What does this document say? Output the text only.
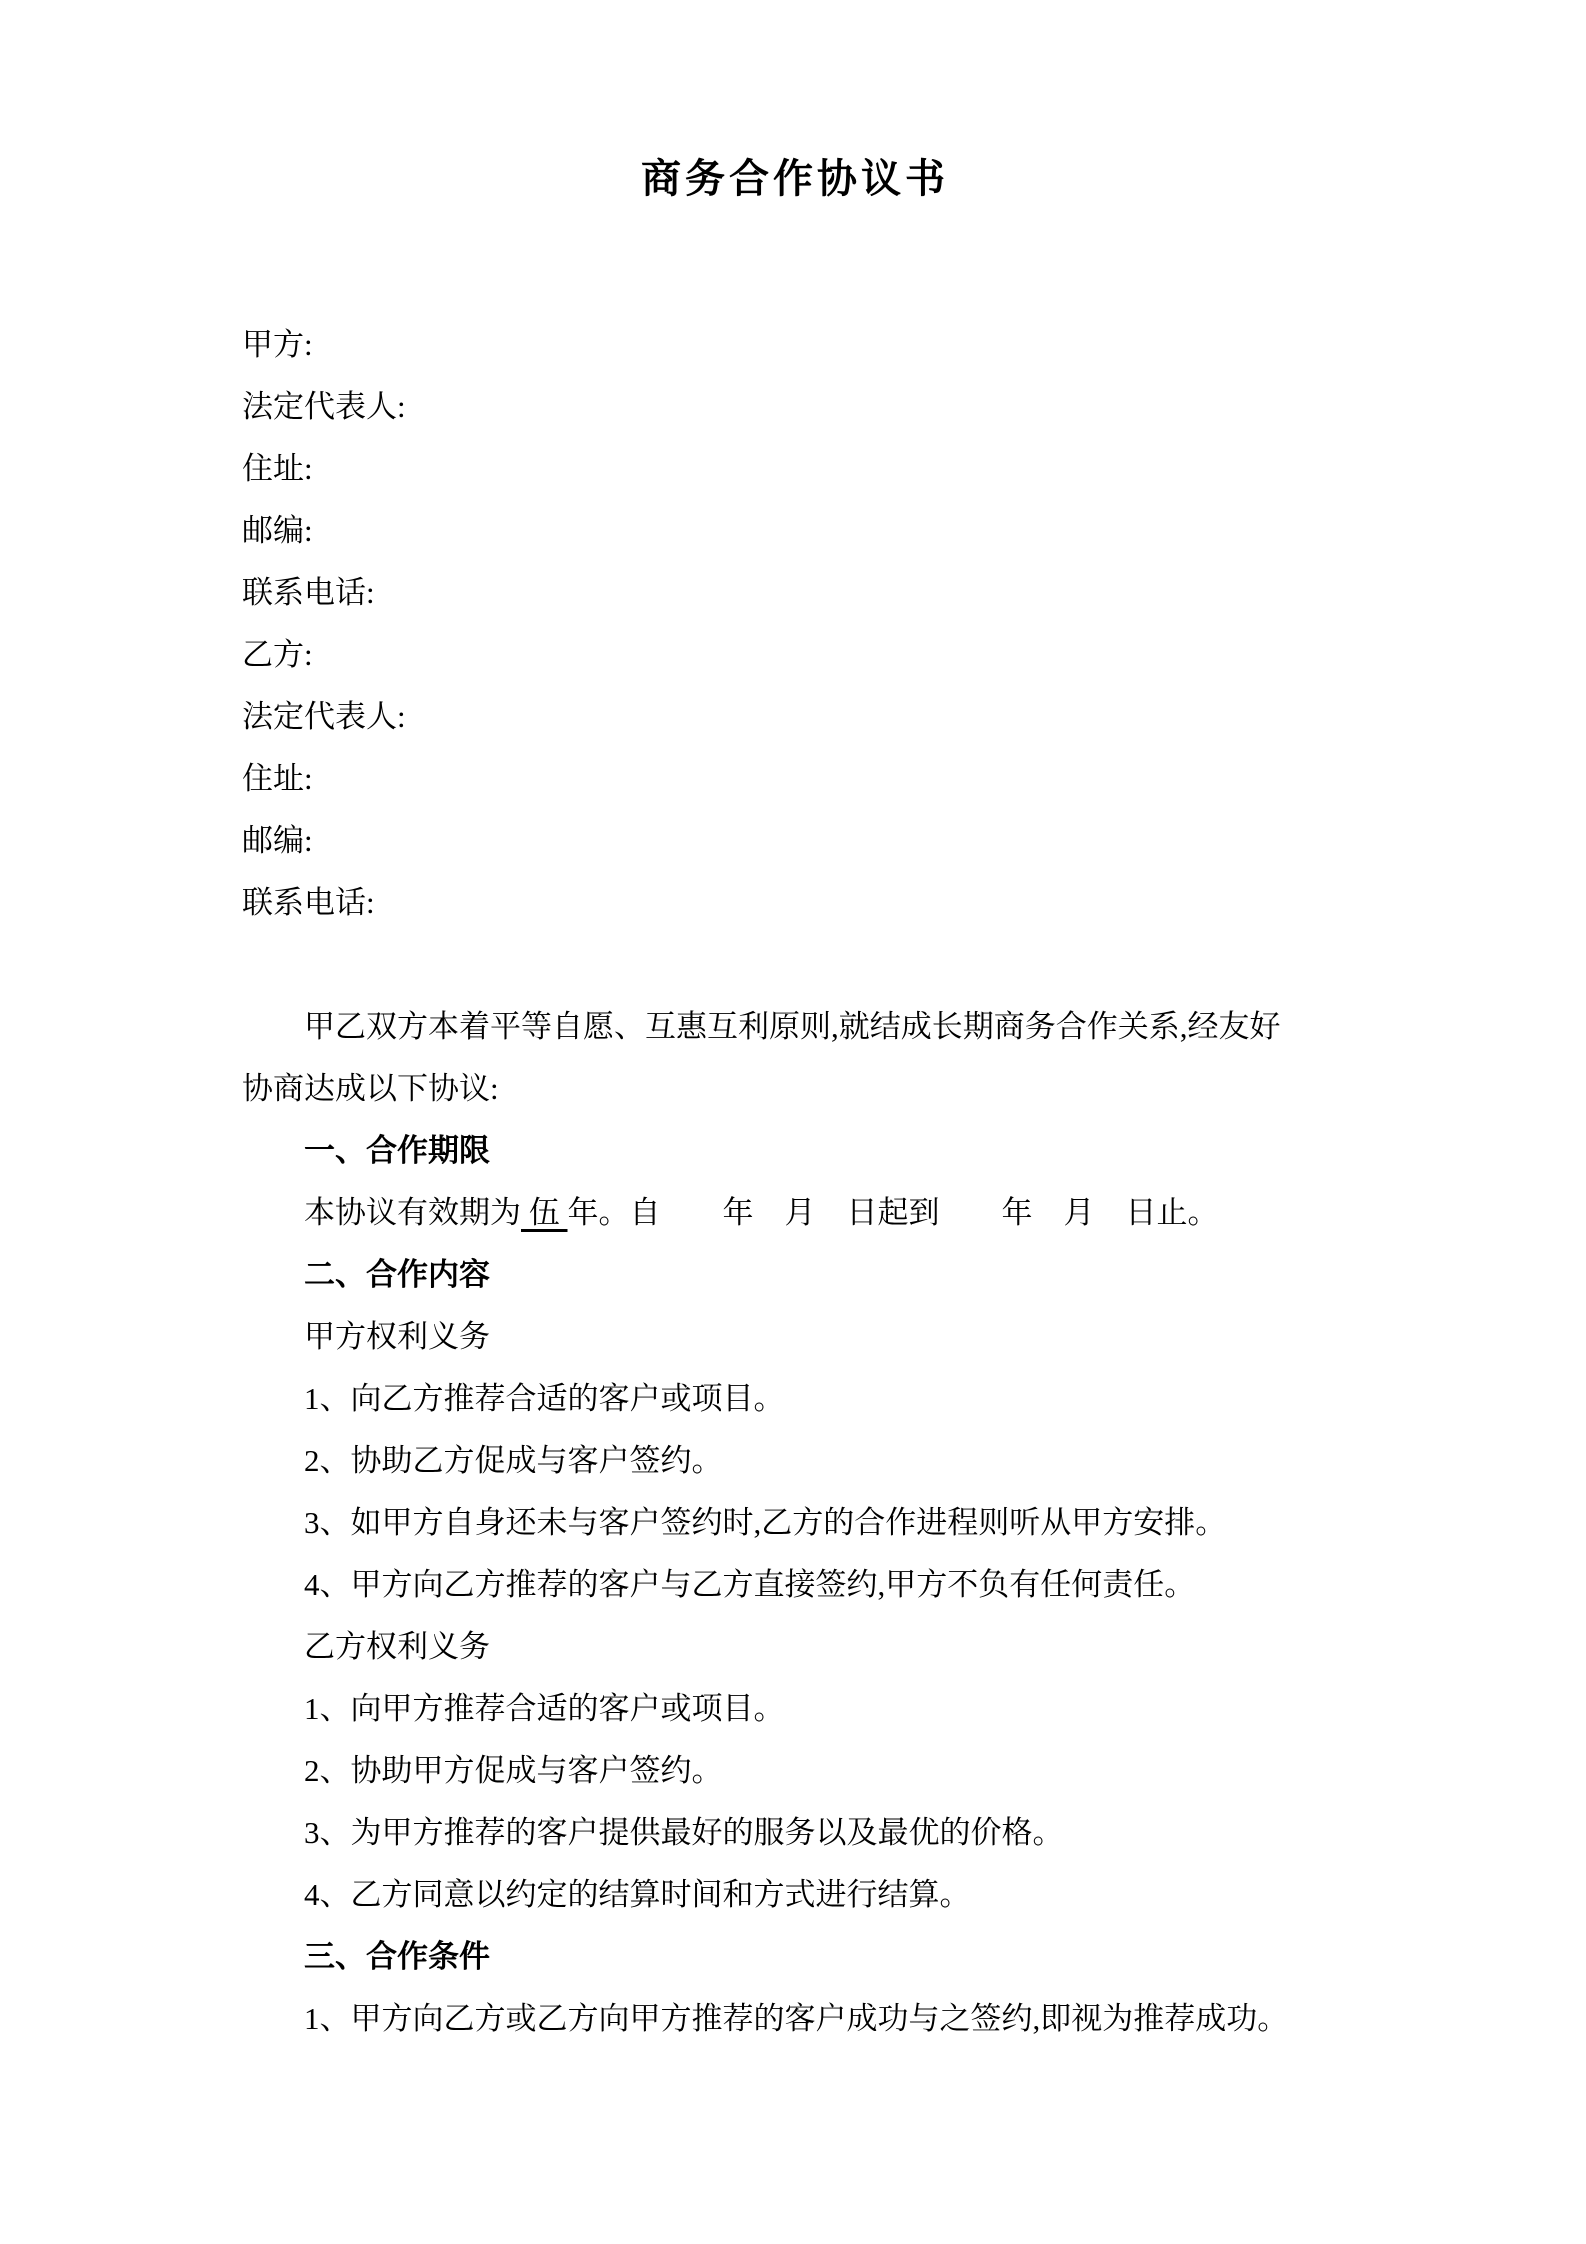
商务合作协议书

甲方:

法定代表人:

住址:

邮编:

联系电话:

乙方:

法定代表人:

住址:

邮编:

联系电话:

甲乙双方本着平等自愿、互惠互利原则,就结成长期商务合作关系,经友好

协商达成以下协议:

一、合作期限

本协议有效期为 伍 年。自　　年　月　日起到　　年　月　日止。

二、合作内容

甲方权利义务

1、向乙方推荐合适的客户或项目。

2、协助乙方促成与客户签约。

3、如甲方自身还未与客户签约时,乙方的合作进程则听从甲方安排。

4、甲方向乙方推荐的客户与乙方直接签约,甲方不负有任何责任。

乙方权利义务

1、向甲方推荐合适的客户或项目。

2、协助甲方促成与客户签约。

3、为甲方推荐的客户提供最好的服务以及最优的价格。

4、乙方同意以约定的结算时间和方式进行结算。

三、合作条件

1、甲方向乙方或乙方向甲方推荐的客户成功与之签约,即视为推荐成功。
